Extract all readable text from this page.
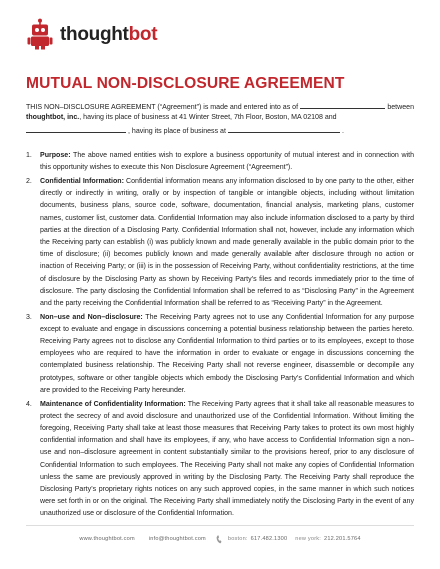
thoughtbot
MUTUAL NON-DISCLOSURE AGREEMENT
THIS NON–DISCLOSURE AGREEMENT (“Agreement”) is made and entered into as of	between
thoughtbot, inc. , having its place of business at 41 Winter Street, 7th Floor, Boston, MA 02108 and
, having its place of business at	.
1. Purpose: The above named entities wish to explore a business opportunity of mutual interest and in connection with this opportunity wishes to execute this Non Disclosure Agreement (“Agreement”).
2. Confidential Information: Confidential information means any information disclosed to by one party to the other, either directly or indirectly in writing, orally or by inspection of tangible or intangible objects, including without limitation documents, business plans, source code, software, documentation, financial analysis, marketing plans, customer names, customer list, customer data. Confidential Information may also include information disclosed to a party by third parties at the direction of a Disclosing Party. Confidential Information shall not, however, include any information which the Receiving party can establish (i) was publicly known and made generally available in the public domain prior to the time of disclosure; (ii) becomes publicly known and made generally available after disclosure through no action or inaction of Receiving Party; or (iii) is in the possession of Receiving Party, without confidentiality restrictions, at the time of disclosure by the Disclosing Party as shown by Receiving Party’s files and records immediately prior to the time of disclosure. The party disclosing the Confidential Information shall be referred to as “Disclosing Party” in the Agreement and the party receiving the Confidential Information shall be referred to as “Receiving Party” in the Agreement.
3. Non–use and Non–disclosure: The Receiving Party agrees not to use any Confidential Information for any purpose except to evaluate and engage in discussions concerning a potential business relationship between the parties hereto. Receiving Party agrees not to disclose any Confidential Information to third parties or to its employees, except to those employees who are required to have the information in order to evaluate or engage in discussions concerning the contemplated business relationship. The Receiving Party shall not reverse engineer, disassemble or decompile any prototypes, software or other tangible objects which embody the Disclosing Party’s Confidential Information and which are provided to the Receiving Party hereunder.
4. Maintenance of Confidentiality Information: The Receiving Party agrees that it shall take all reasonable measures to protect the secrecy of and avoid disclosure and unauthorized use of the Confidential Information. Without limiting the foregoing, Receiving Party shall take at least those measures that Receiving Party takes to protect its own most highly confidential information and shall have its employees, if any, who have access to Confidential Information sign a non–use and non–disclosure agreement in content substantially similar to the provisions hereof, prior to any disclosure of Confidential Information to such employees. The Receiving Party shall not make any copies of Confidential Information unless the same are previously approved in writing by the Disclosing Party. The Receiving Party shall reproduce the Disclosing Party’s proprietary rights notices on any such approved copies, in the same manner in which such notices were set forth in or on the original. The Receiving Party shall immediately notify the Disclosing Party in the event of any unauthorized use or disclosure of the Confidential Information.
www.thoughtbot.com	info@thoughtbot.com	boston: 617.482.1300 new york: 212.201.5764
